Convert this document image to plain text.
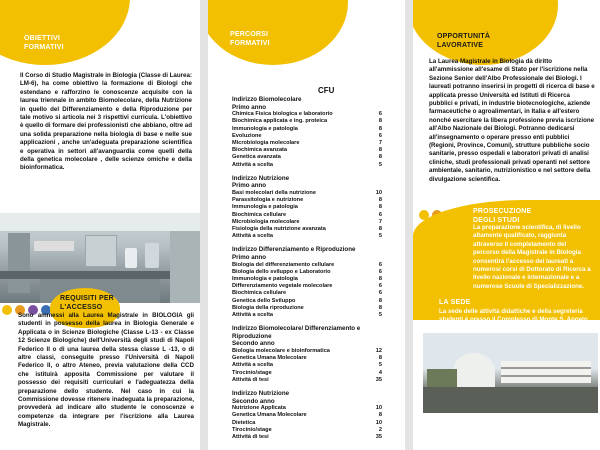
OBIETTIVI FORMATIVI
Il Corso di Studio Magistrale in Biologia (Classe di Laurea: LM-6), ha come obiettivo la formazione di Biologi che estendano e rafforzino le conoscenze acquisite con la laurea triennale in ambito Biomolecolare, della Nutrizione in quello del Differenziamento e della Riproduzione per tale motivo si articola nei 3 rispettivi curricula. L'obiettivo è quello di formare dei professionisti che abbiano, oltre ad una solida preparazione nella biologia di base e nelle sue applicazioni , anche un'adeguata preparazione scientifica e operativa in settori all'avanguardia come quelli della della genetica molecolare , delle scienze omiche e della bioinformatica.
REQUISITI PER L'ACCESSO
Sono ammessi alla Laurea Magistrale in BIOLOGIA gli studenti in possesso della laurea in Biologia Generale e Applicata o in Scienze Biologiche (Classe L-13 - ex Classe 12 Scienze Biologiche) dell'Università degli studi di Napoli Federico II o di una laurea della stessa classe L -13, o di altre classi, conseguite presso l'Università di Napoli Federico II, o altro Ateneo, previa valutazione della CCD che istituirà apposita Commissione per valutare il possesso dei requisiti curriculari e l'adeguatezza della preparazione dello studente. Nel caso in cui la Commissione dovesse ritenere inadeguata la preparazione, provvederà ad indicare allo studente le conoscenze e competenze da integrare per l'iscrizione alla Laurea Magistrale.
PERCORSI FORMATIVI
CFU
Indirizzo Biomolecolare
Primo anno
Chimica Fisica biologica e laboratorio	6
Biochimica applicata e ing. proteica	8
Immunologia e patologia	8
Evoluzione	6
Microbiologia molecolare	7
Biochimica avanzata	8
Genetica avanzata	8
Attività a scelta	5
Indirizzo Nutrizione
Primo anno
Basi molecolari della nutrizione	10
Parassitologia e nutrizione	8
Immunologia e patologia	8
Biochimica cellulare	6
Microbiologia molecolare	7
Fisiologia della nutrizione avanzata	8
Attività a scelta	5
Indirizzo Differenziamento e Riproduzione
Primo anno
Biologia del differenziamento cellulare	6
Biologia dello sviluppo e Laboratorio	6
Immunologia e patologia	8
Differenziamento vegetale molecolare	6
Biochimica cellulare	6
Genetica dello Sviluppo	8
Biologia della riproduzione	8
Attività a scelta	5
Indirizzo Biomolecolare/ Differenziamento e Riproduzione
Secondo anno
Biologia molecolare e bioinformatica	12
Genetica Umana Molecolare	8
Attività a scelta	5
Tirocinio/stage	4
Attività di tesi	35
Indirizzo Nutrizione
Secondo anno
Nutrizione Applicata	10
Genetica Umana Molecolare	8
Dietetica	10
Tirocinio/stage	2
Attività di tesi	35
OPPORTUNITÀ LAVORATIVE
La Laurea Magistrale in Biologia dà diritto all'ammissione all'esame di Stato per l'iscrizione nella Sezione Senior dell'Albo Professionale dei Biologi. I laureati potranno inserirsi in progetti di ricerca di base e applicata presso Università ed Istituti di Ricerca pubblici e privati, in industrie biotecnologiche, aziende farmaceutiche o agroalimentari, in Italia e all'estero nonché esercitare la libera professione previa iscrizione all'Albo Nazionale dei Biologi. Potranno dedicarsi all'insegnamento o operare presso enti pubblici (Regioni, Province, Comuni), strutture pubbliche socio sanitarie, presso ospedali e laboratori privati di analisi cliniche, studi professionali privati operanti nel settore ambientale, sanitario, nutrizionistico e nel settore della divulgazione scientifica.
PROSECUZIONE DEGLI STUDI
La preparazione scientifica, di livello altamente qualificato, raggiunta attraverso il completamento del percorso della Magistrale in Biologia consentirà l'accesso dei laureati a numerosi corsi di Dottorato di Ricerca a livello nazionale e internazionale e a numerose Scuole di Specializzazione.
LA SEDE
La sede delle attività didattiche e della segreteria studenti è presso il Complesso di Monte S. Angelo in via Cintia a Napoli.
